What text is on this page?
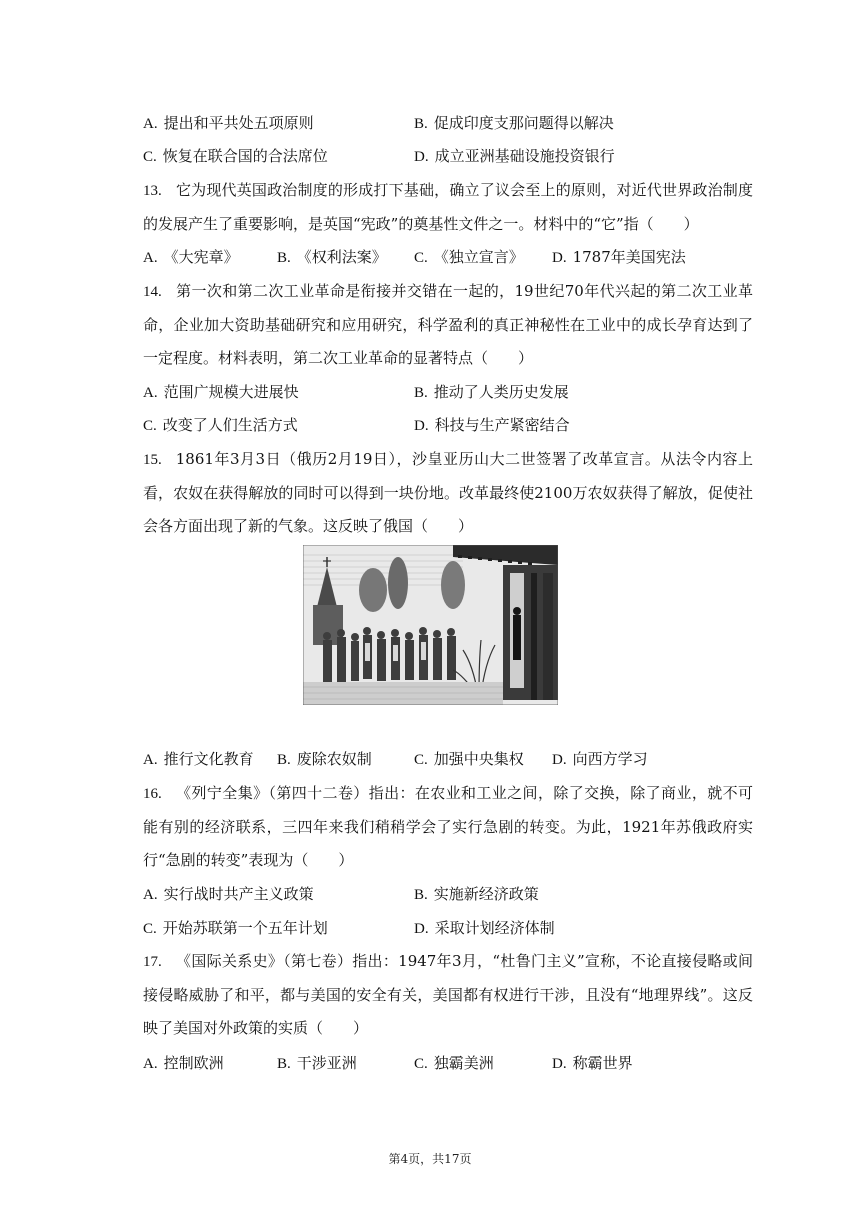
A. 提出和平共处五项原则	B. 促成印度支那问题得以解决
C. 恢复在联合国的合法席位	D. 成立亚洲基础设施投资银行
13. 它为现代英国政治制度的形成打下基础，确立了议会至上的原则，对近代世界政治制度的发展产生了重要影响，是英国“宪政”的奠基性文件之一。材料中的“它”指（　　）
A. 《大宪章》	B. 《权利法案》 C. 《独立宣言》 D. 1787年美国宪法
14. 第一次和第二次工业革命是衔接并交错在一起的，19世纪70年代兴起的第二次工业革命，企业加大资助基础研究和应用研究，科学盈利的真正神秘性在工业中的成长孕育达到了一定程度。材料表明，第二次工业革命的显著特点（　　）
A. 范围广规模大进展快	B. 推动了人类历史发展
C. 改变了人们生活方式	D. 科技与生产紧密结合
15. 1861年3月3日（俄历2月19日），沙皇亚历山大二世签署了改革宣言。从法令内容上看，农奴在获得解放的同时可以得到一块份地。改革最终使2100万农奴获得了解放，促使社会各方面出现了新的气象。这反映了俄国（　　）
A. 推行文化教育 B. 废除农奴制	C. 加强中央集权 D. 向西方学习
16. 《列宁全集》（第四十二卷）指出：在农业和工业之间，除了交换，除了商业，就不可能有别的经济联系，三四年来我们稍稍学会了实行急剧的转变。为此，1921年苏俄政府实行“急剧的转变”表现为（　　）
A. 实行战时共产主义政策	B. 实施新经济政策
C. 开始苏联第一个五年计划	D. 采取计划经济体制
17. 《国际关系史》（第七卷）指出：1947年3月，“杜鲁门主义”宣称，不论直接侵略或间接侵略威胁了和平，都与美国的安全有关，美国都有权进行干涉，且没有“地理界线”。这反映了美国对外政策的实质（　　）
A. 控制欧洲	B. 干涉亚洲	C. 独霸美洲	D. 称霸世界
第4页，共17页
